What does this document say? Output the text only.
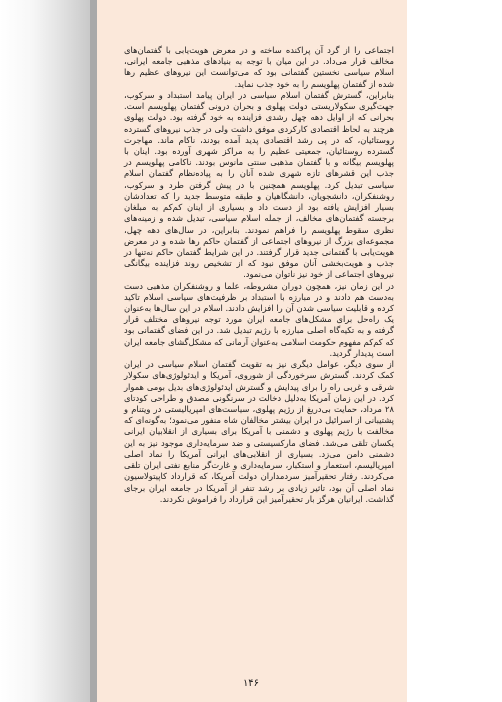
اجتماعی را از گرد آن پراکنده ساخته و در معرض هویت‌یابی با گفتمان‌های مخالف قرار می‌داد. در این میان با توجه به بنیادهای مذهبی جامعه ایرانی، اسلام سیاسی نخستین گفتمانی بود که می‌توانست این نیروهای عظیم رها شده از گفتمان پهلویسم را به خود جذب نماید.

بنابراین، گسترش گفتمان اسلام سیاسی در ایران پیامد استبداد و سرکوب، جهت‌گیری سکولاریستی دولت پهلوی و بحران درونی گفتمان پهلویسم است. بحرانی که از اوایل دهه چهل رشدی فزاینده به خود گرفته بود. دولت پهلوی هرچند به لحاظ اقتصادی کارکردی موفق داشت ولی در جذب نیروهای گسترده روستائیان، که در پی رشد اقتصادی پدید آمده بودند، ناکام ماند. مهاجرت گسترده روستائیان، جمعیتی عظیم را به مراکز شهری آورده بود. اینان با پهلویسم بیگانه و با گفتمان مذهبی سنتی مانوس بودند. ناکامی پهلویسم در جذب این قشرهای تازه شهری شده آنان را به پیاده‌نظام گفتمان اسلام سیاسی تبدیل کرد. پهلویسم همچنین با در پیش گرفتن طرد و سرکوب، روشنفکران، دانشجویان، دانشگاهیان و طبقه متوسط جدید را که تعدادشان بسیار افزایش یافته بود از دست داد و بسیاری از اینان کم‌کم به مبلغان برجسته گفتمان‌های مخالف، از جمله اسلام سیاسی، تبدیل شده و زمینه‌های نظری سقوط پهلویسم را فراهم نمودند. بنابراین، در سال‌های دهه چهل، مجموعه‌ای بزرگ از نیروهای اجتماعی از گفتمان حاکم رها شده و در معرض هویت‌یابی با گفتمانی جدید قرار گرفتند. در این شرایط گفتمان حاکم نه‌تنها در جذب و هویت‌بخشی آنان موفق نبود که از تشخیص روند فزاینده بیگانگی نیروهای اجتماعی از خود نیز ناتوان می‌نمود.

در این زمان نیز، همچون دوران مشروطه، علما و روشنفکران مذهبی دست به‌دست هم دادند و در مبارزه با استبداد بر ظرفیت‌های سیاسی اسلام تاکید کرده و قابلیت سیاسی شدن آن را افزایش دادند. اسلام در این سال‌ها به‌عنوان یک راه‌حل برای مشکل‌های جامعه ایران مورد توجه نیروهای مختلف قرار گرفته و به تکیه‌گاه اصلی مبارزه با رژیم تبدیل شد. در این فضای گفتمانی بود که کم‌کم مفهوم حکومت اسلامی به‌عنوان آرمانی که مشکل‌گشای جامعه ایران است پدیدار گردید.

از سوی دیگر، عوامل دیگری نیز به تقویت گفتمان اسلام سیاسی در ایران کمک کردند. گسترش سرخوردگی از شوروی، آمریکا و ایدئولوژی‌های سکولار شرقی و غربی راه را برای پیدایش و گسترش ایدئولوژی‌های بدیل بومی هموار کرد. در این زمان آمریکا به‌دلیل دخالت در سرنگونی مصدق و طراحی کودتای ۲۸ مرداد، حمایت بی‌دریغ از رژیم پهلوی، سیاست‌های امپریالیستی در ویتنام و پشتیبانی از اسرائیل در ایران بیشتر مخالفان شاه منفور می‌نمود؛ به‌گونه‌ای که مخالفت با رژیم پهلوی و دشمنی با آمریکا برای بسیاری از انقلابیان ایرانی یکسان تلقی می‌شد. فضای مارکسیستی و ضد سرمایه‌داری موجود نیز به این دشمنی دامن می‌زد. بسیاری از انقلابی‌های ایرانی آمریکا را نماد اصلی امپریالیسم، استعمار و استکبار، سرمایه‌داری و غارت‌گر منابع نفتی ایران تلقی می‌کردند. رفتار تحقیرآمیز سردمداران دولت آمریکا، که قرارداد کاپیتولاسیون نماد اصلی آن بود، تاثیر زیادی بر رشد تنفر از آمریکا در جامعه ایران برجای گذاشت. ایرانیان هرگز بار تحقیرآمیز این قرارداد را فراموش نکردند.

۱۴۶
